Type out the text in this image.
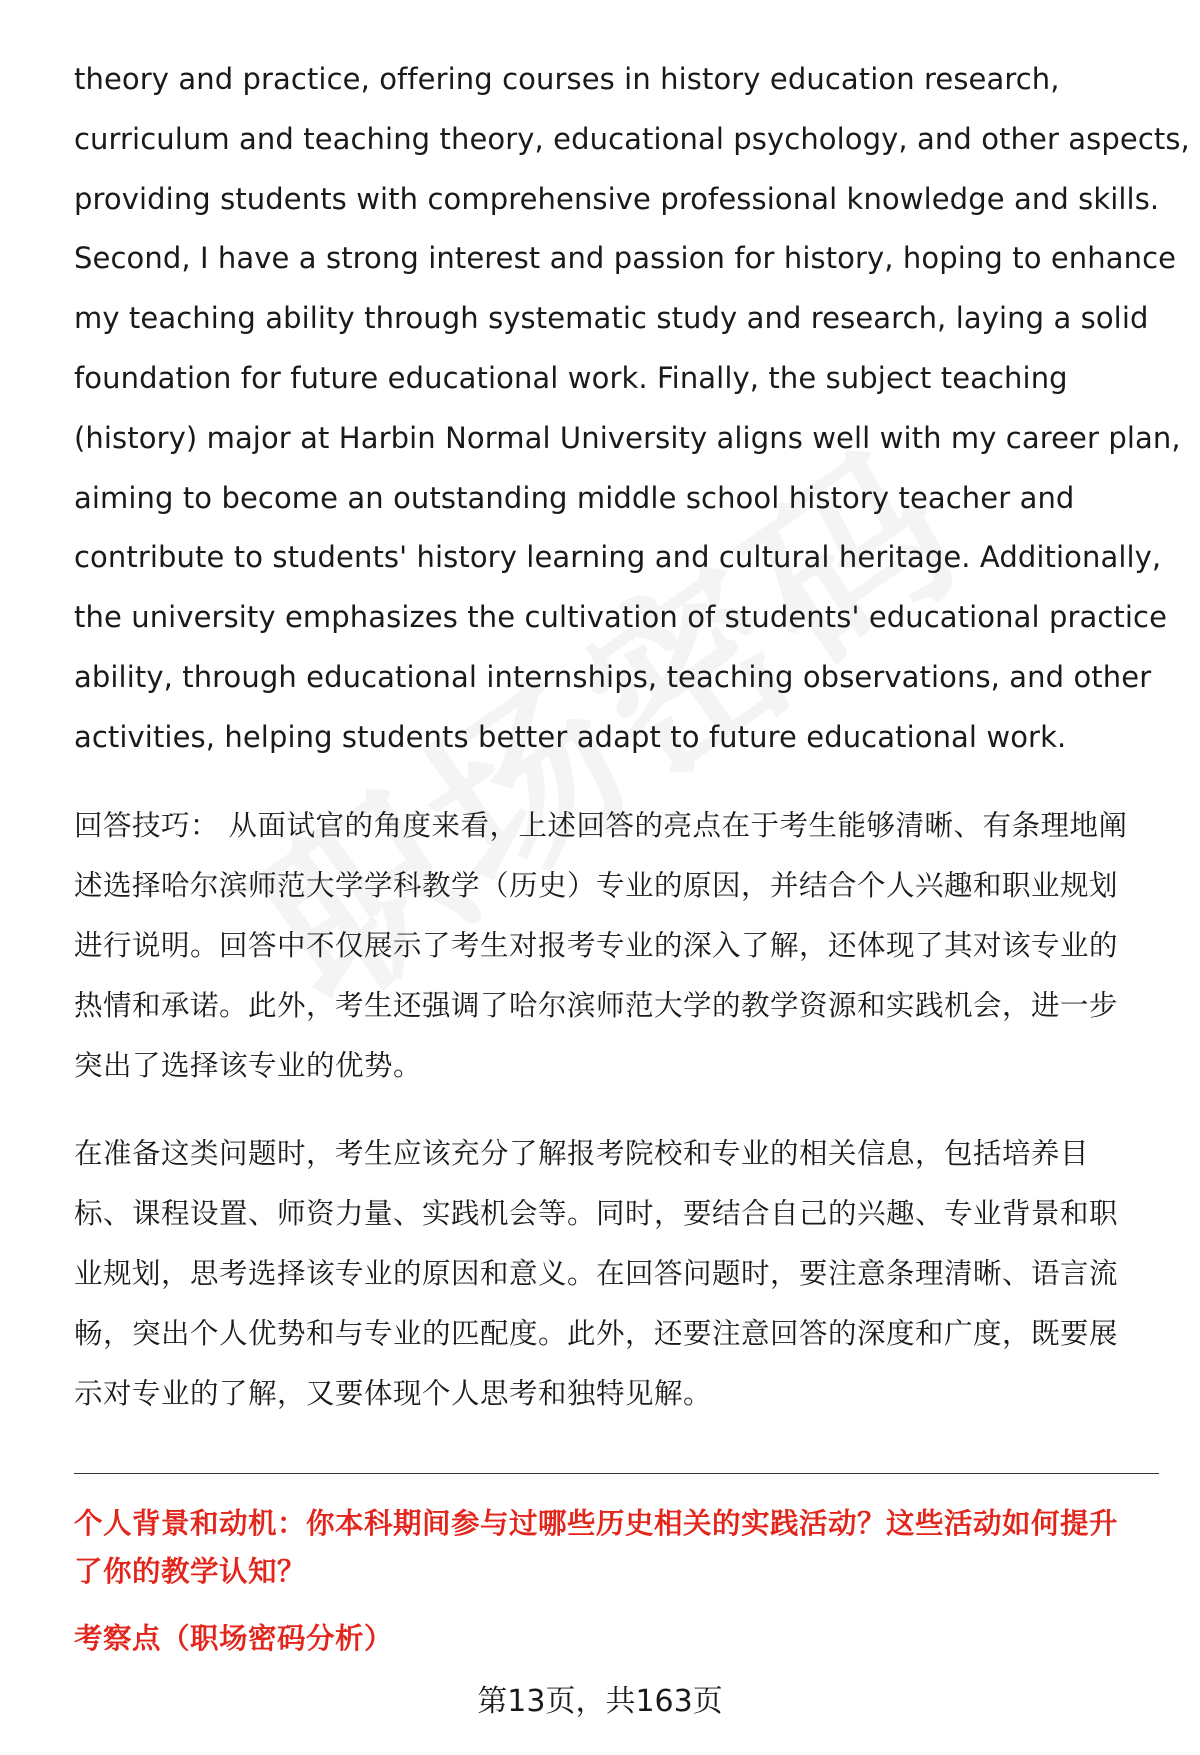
theory and practice, offering courses in history education research,
curriculum and teaching theory, educational psychology, and other aspects,
providing students with comprehensive professional knowledge and skills.
Second, I have a strong interest and passion for history, hoping to enhance
my teaching ability through systematic study and research, laying a solid
foundation for future educational work. Finally, the subject teaching
(history) major at Harbin Normal University aligns well with my career plan,
aiming to become an outstanding middle school history teacher and
contribute to students' history learning and cultural heritage. Additionally,
the university emphasizes the cultivation of students' educational practice
ability, through educational internships, teaching observations, and other
activities, helping students better adapt to future educational work.

回答技巧： 从面试官的角度来看，上述回答的亮点在于考生能够清晰、有条理地阐
述选择哈尔滨师范大学学科教学（历史）专业的原因，并结合个人兴趣和职业规划
进行说明。回答中不仅展示了考生对报考专业的深入了解，还体现了其对该专业的
热情和承诺。此外，考生还强调了哈尔滨师范大学的教学资源和实践机会，进一步
突出了选择该专业的优势。

在准备这类问题时，考生应该充分了解报考院校和专业的相关信息，包括培养目
标、课程设置、师资力量、实践机会等。同时，要结合自己的兴趣、专业背景和职
业规划，思考选择该专业的原因和意义。在回答问题时，要注意条理清晰、语言流
畅，突出个人优势和与专业的匹配度。此外，还要注意回答的深度和广度，既要展
示对专业的了解，又要体现个人思考和独特见解。

个人背景和动机：你本科期间参与过哪些历史相关的实践活动？这些活动如何提升
了你的教学认知？
考察点（职场密码分析）
第13页，共163页
